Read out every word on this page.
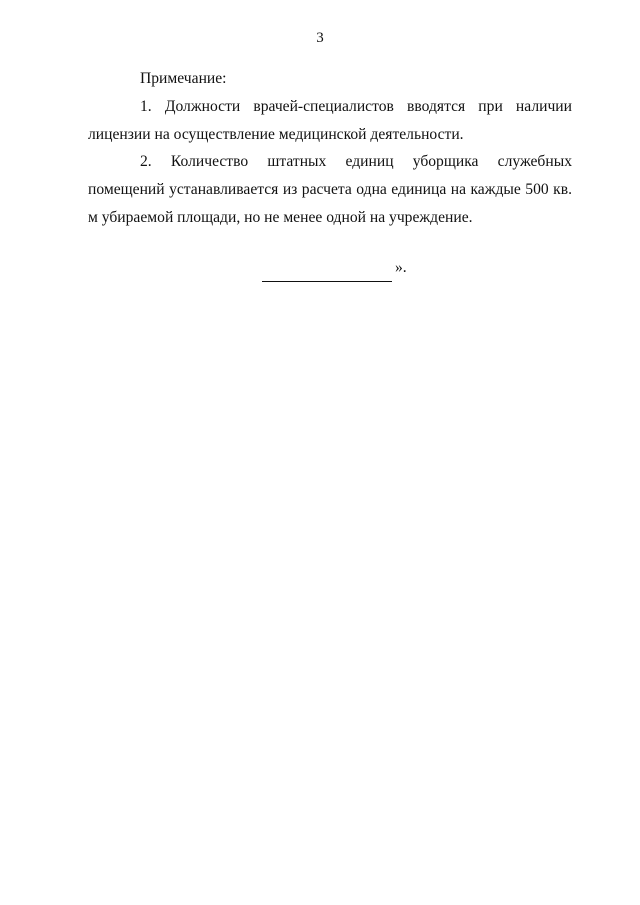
3
Примечание:

1. Должности врачей-специалистов вводятся при наличии лицензии на осуществление медицинской деятельности.

2. Количество штатных единиц уборщика служебных помещений устанавливается из расчета одна единица на каждые 500 кв. м убираемой площади, но не менее одной на учреждение.

».
